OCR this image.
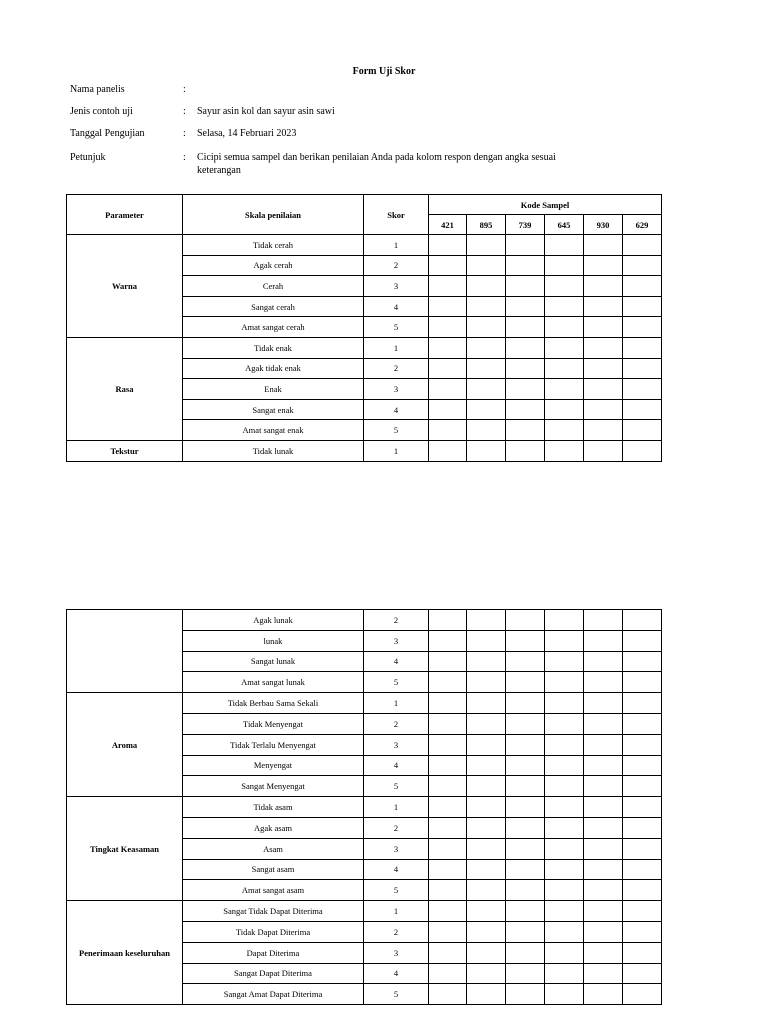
Form Uji Skor
Nama panelis	:
Jenis contoh uji	: Sayur asin kol dan sayur asin sawi
Tanggal Pengujian	: Selasa, 14 Februari 2023
Petunjuk	: Cicipi semua sampel dan berikan penilaian Anda pada kolom respon dengan angka sesuai keterangan
Parameter	Skala penilaian	Skor	Kode Sampel					
			421	895	739	645	930	629
Warna	Tidak cerah	1						
	Agak cerah	2						
	Cerah	3						
	Sangat cerah	4						
	Amat sangat cerah	5						
Rasa	Tidak enak	1						
	Agak tidak enak	2						
	Enak	3						
	Sangat enak	4						
	Amat sangat enak	5						
Tekstur	Tidak lunak	1						
	Agak lunak	2						
	lunak	3						
	Sangat lunak	4						
	Amat sangat lunak	5						
Aroma	Tidak Berbau Sama Sekali	1						
	Tidak Menyengat	2						
	Tidak Terlalu Menyengat	3						
	Menyengat	4						
	Sangat Menyengat	5						
Tingkat Keasaman	Tidak asam	1						
	Agak asam	2						
	Asam	3						
	Sangat asam	4						
	Amat sangat asam	5						
Penerimaan keseluruhan	Sangat Tidak Dapat Diterima	1						
	Tidak Dapat Diterima	2						
	Dapat Diterima	3						
	Sangat Dapat Diterima	4						
	Sangat Amat Dapat Diterima	5						
